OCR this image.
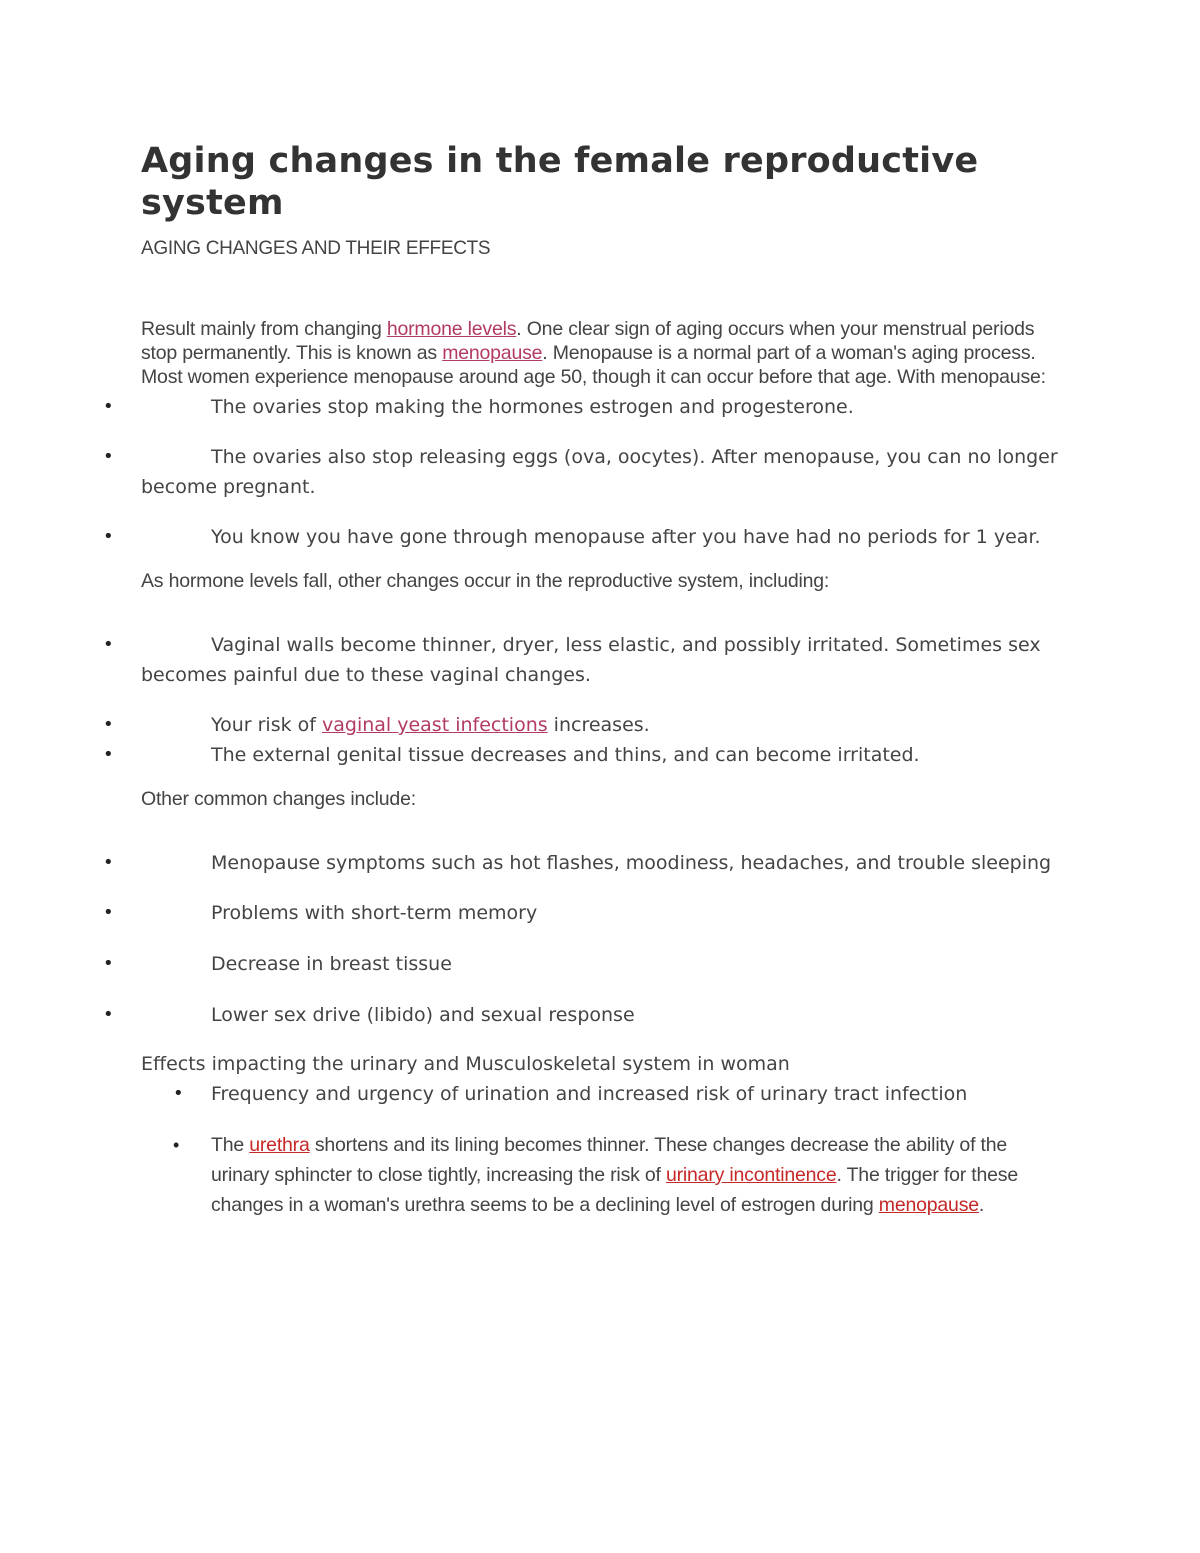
Aging changes in the female reproductive system

AGING CHANGES AND THEIR EFFECTS

Result mainly from changing hormone levels. One clear sign of aging occurs when your menstrual periods stop permanently. This is known as menopause. Menopause is a normal part of a woman's aging process. Most women experience menopause around age 50, though it can occur before that age. With menopause:

•	The ovaries stop making the hormones estrogen and progesterone.
•	The ovaries also stop releasing eggs (ova, oocytes). After menopause, you can no longer become pregnant.
•	You know you have gone through menopause after you have had no periods for 1 year.

As hormone levels fall, other changes occur in the reproductive system, including:

•	Vaginal walls become thinner, dryer, less elastic, and possibly irritated. Sometimes sex becomes painful due to these vaginal changes.
•	Your risk of vaginal yeast infections increases.
•	The external genital tissue decreases and thins, and can become irritated.

Other common changes include:

•	Menopause symptoms such as hot flashes, moodiness, headaches, and trouble sleeping
•	Problems with short-term memory
•	Decrease in breast tissue
•	Lower sex drive (libido) and sexual response

Effects impacting the urinary and Musculoskeletal system in woman

• Frequency and urgency of urination and increased risk of urinary tract infection
• The urethra shortens and its lining becomes thinner. These changes decrease the ability of the urinary sphincter to close tightly, increasing the risk of urinary incontinence. The trigger for these changes in a woman's urethra seems to be a declining level of estrogen during menopause.
